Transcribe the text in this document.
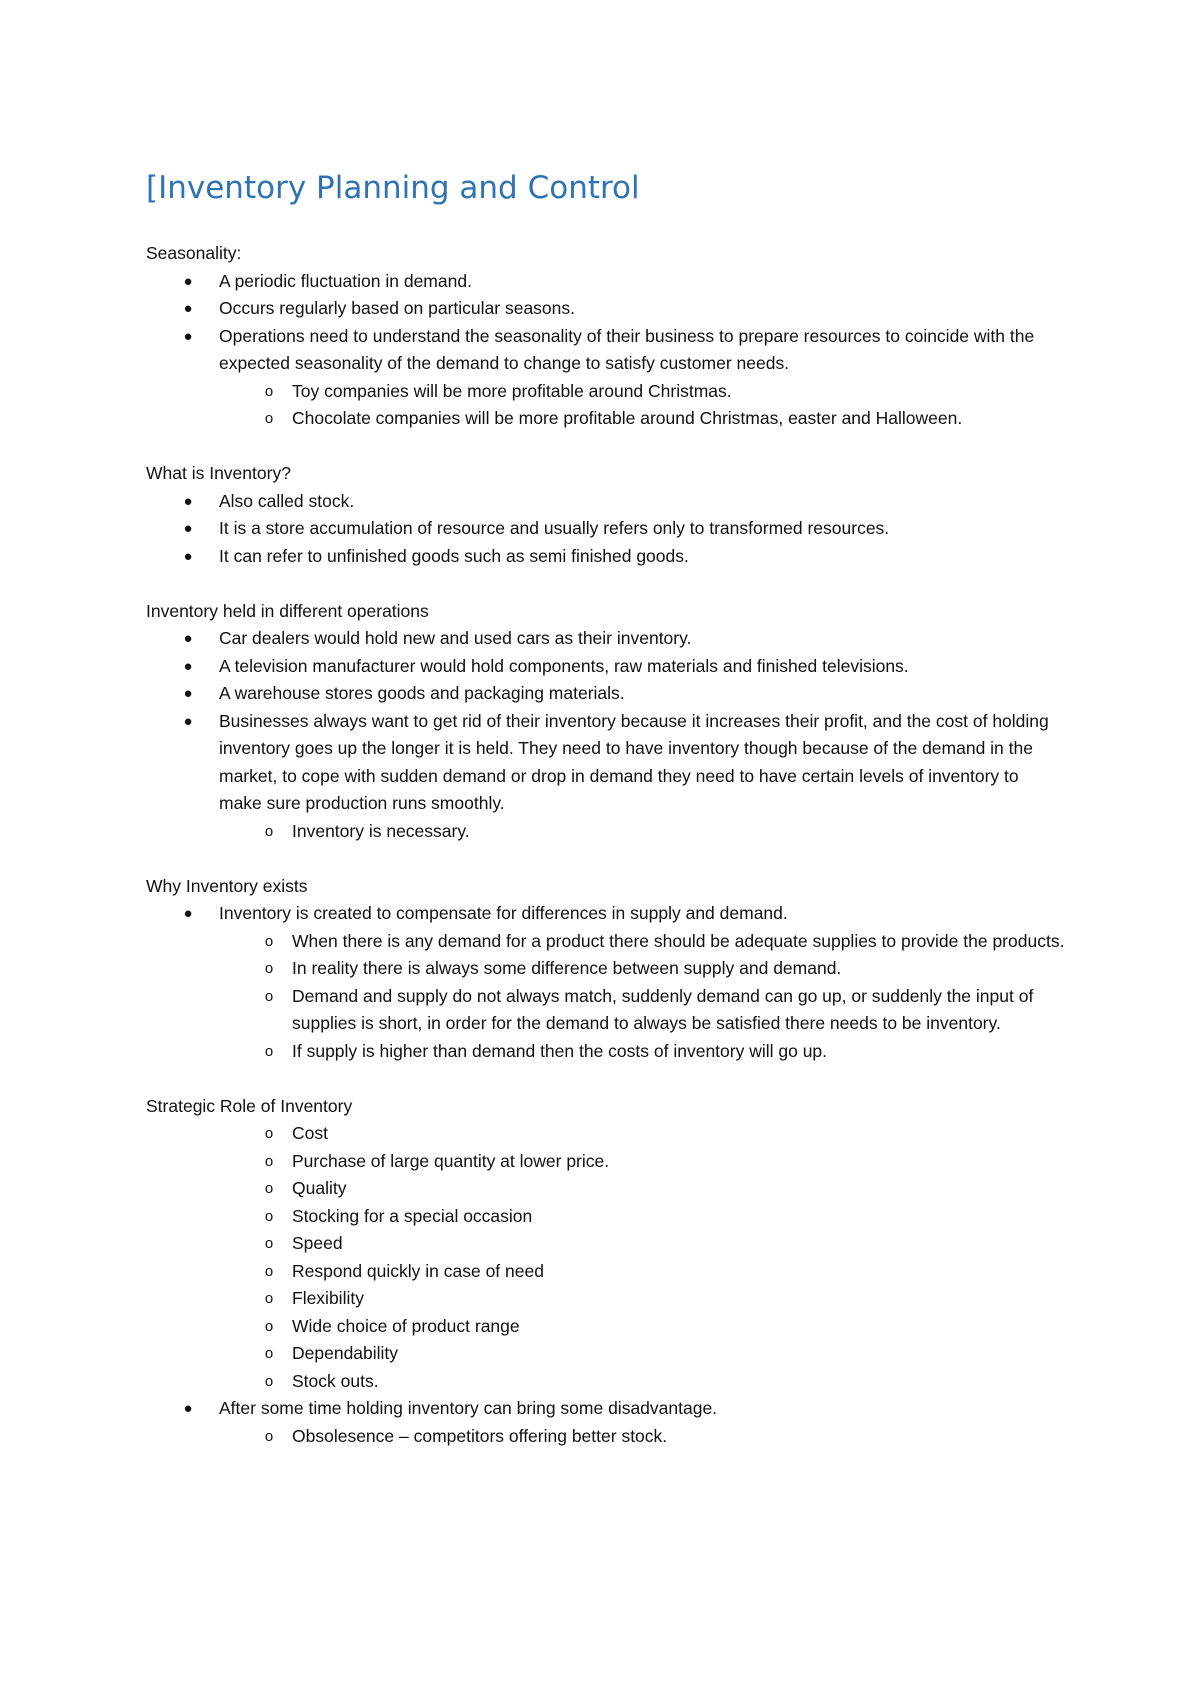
[Inventory Planning and Control

Seasonality:

●	A periodic fluctuation in demand.
●	Occurs regularly based on particular seasons.
●	Operations need to understand the seasonality of their business to prepare resources to coincide with the expected seasonality of the demand to change to satisfy customer needs.
o	Toy companies will be more profitable around Christmas.
o	Chocolate companies will be more profitable around Christmas, easter and Halloween.

What is Inventory?

●	Also called stock.
●	It is a store accumulation of resource and usually refers only to transformed resources.
●	It can refer to unfinished goods such as semi finished goods.

Inventory held in different operations

●	Car dealers would hold new and used cars as their inventory.
●	A television manufacturer would hold components, raw materials and finished televisions.
●	A warehouse stores goods and packaging materials.
●	Businesses always want to get rid of their inventory because it increases their profit, and the cost of holding inventory goes up the longer it is held. They need to have inventory though because of the demand in the market, to cope with sudden demand or drop in demand they need to have certain levels of inventory to make sure production runs smoothly.
o	Inventory is necessary.

Why Inventory exists

●	Inventory is created to compensate for differences in supply and demand.
o	When there is any demand for a product there should be adequate supplies to provide the products.
o	In reality there is always some difference between supply and demand.
o	Demand and supply do not always match, suddenly demand can go up, or suddenly the input of supplies is short, in order for the demand to always be satisfied there needs to be inventory.
o	If supply is higher than demand then the costs of inventory will go up.

Strategic Role of Inventory

o	Cost
o	Purchase of large quantity at lower price.
o	Quality
o	Stocking for a special occasion
o	Speed
o	Respond quickly in case of need
o	Flexibility
o	Wide choice of product range
o	Dependability
o	Stock outs.
●	After some time holding inventory can bring some disadvantage.
o	Obsolesence – competitors offering better stock.
